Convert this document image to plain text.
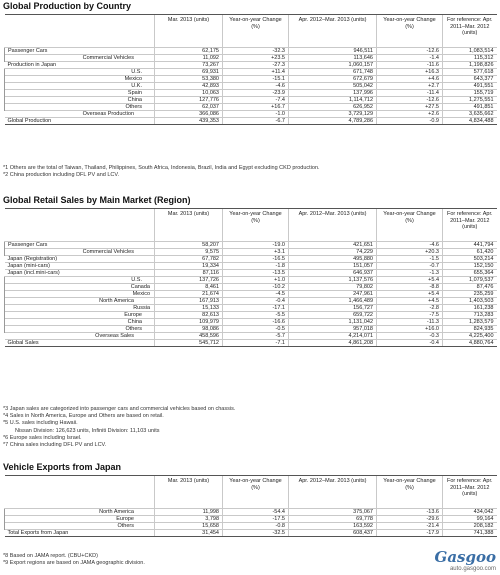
Global Production by Country
	Mar. 2013 (units)	Year-on-year Change (%)	Apr. 2012–Mar. 2013 (units)	Year-on-year Change (%)	For reference: Apr. 2011–Mar. 2012 (units)
Passenger Cars	62,175	-32.3	946,511	-12.6	1,083,514
Commercial Vehicles	11,092	+23.5	113,646	-1.4	115,312
Production in Japan	73,267	-27.3	1,060,157	-11.6	1,198,826
U.S.	69,931	+11.4	671,748	+16.3	577,618
Mexico	53,380	-15.1	672,679	+4.6	643,377
U.K.	42,893	-4.6	505,042	+2.7	491,551
Spain	10,063	-23.9	137,996	-11.4	155,719
China	127,776	-7.4	1,114,712	-12.6	1,275,551
Others	62,037	+16.7	626,952	+27.5	491,851
Overseas Production	366,086	-1.0	3,729,129	+2.6	3,635,662
Global Production	439,353	-6.7	4,789,286	-0.9	4,834,488
*1 Others are the total of Taiwan, Thailand, Philippines, South Africa, Indonesia, Brazil, India and Egypt excluding CKD production.
*2 China production including DFL PV and LCV.
Global Retail Sales by Main Market (Region)
	Mar. 2013 (units)	Year-on-year Change (%)	Apr. 2012–Mar. 2013 (units)	Year-on-year Change (%)	For reference: Apr. 2011–Mar. 2012 (units)
Passenger Cars	58,207	-19.0	421,651	-4.6	441,794
Commercial Vehicles	9,575	+3.1	74,229	+20.3	61,420
Japan (Registration)	67,782	-16.5	495,880	-1.5	503,214
Japan (mini-cars)	19,334	-1.8	151,057	-0.7	152,150
Japan (incl.mini-cars)	87,116	-13.5	646,937	-1.3	655,364
U.S.	137,726	+1.0	1,137,576	+5.4	1,079,537
Canada	8,461	-10.2	79,802	-8.8	87,476
Mexico	21,674	-4.5	247,961	+5.4	235,259
North America	167,913	-0.4	1,466,489	+4.5	1,403,503
Russia	15,133	-17.1	156,727	-2.8	161,238
Europe	82,613	-5.5	659,722	-7.5	713,283
China	109,979	-16.6	1,131,042	-11.3	1,283,579
Others	98,086	-0.5	957,018	+16.0	824,935
Overseas Sales	458,596	-5.7	4,214,071	-0.3	4,225,400
Global Sales	545,712	-7.1	4,861,208	-0.4	4,880,764
*3 Japan sales are categorized into passenger cars and commercial vehicles based on chassis.
*4 Sales in North America, Europe and Others are based on retail.
*5 U.S. sales including Hawaii.
Nissan Division: 126,623 units, Infiniti Division: 11,103 units
*6 Europe sales including Israel.
*7 China sales including DFL PV and LCV.
Vehicle Exports from Japan
	Mar. 2013 (units)	Year-on-year Change (%)	Apr. 2012–Mar. 2013 (units)	Year-on-year Change (%)	For reference: Apr. 2011–Mar. 2012 (units)
North America	11,998	-54.4	375,067	-13.6	434,042
Europe	3,798	-17.5	69,778	-29.6	99,164
Others	15,658	-0.8	163,592	-21.4	208,182
Total Exports from Japan	31,454	-32.5	608,437	-17.9	741,388
*8 Based on JAMA report. (CBU+CKD)
*9 Export regions are based on JAMA geographic division.	Gasgoo
auto.gasgoo.com
